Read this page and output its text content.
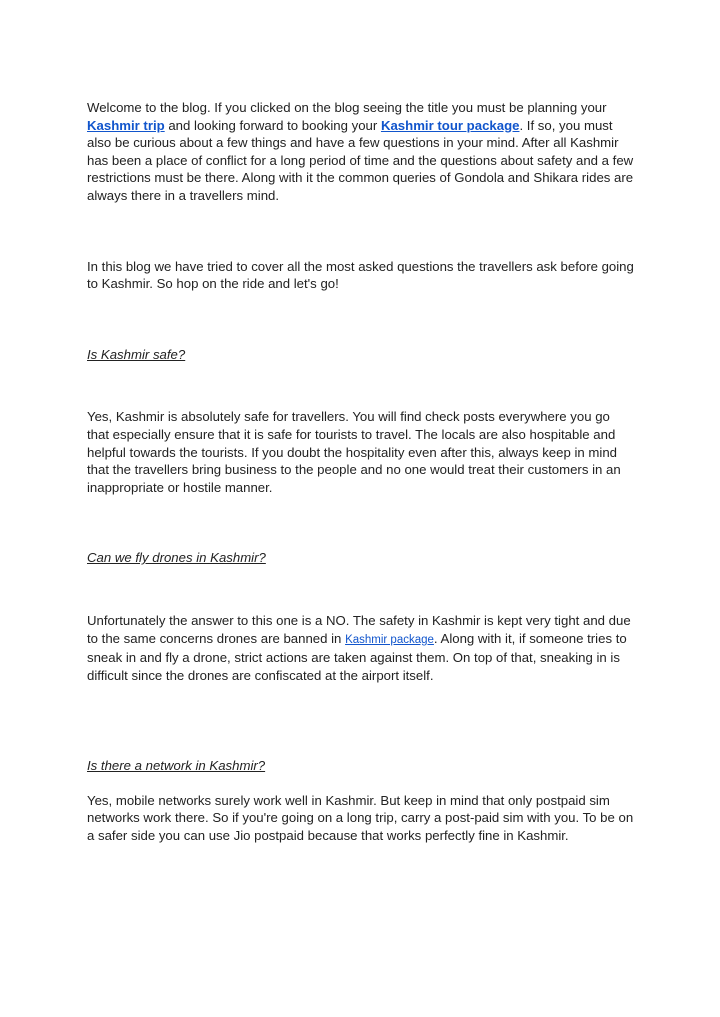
Welcome to the blog. If you clicked on the blog seeing the title you must be planning your Kashmir trip and looking forward to booking your Kashmir tour package. If so, you must also be curious about a few things and have a few questions in your mind. After all Kashmir has been a place of conflict for a long period of time and the questions about safety and a few restrictions must be there. Along with it the common queries of Gondola and Shikara rides are always there in a travellers mind.

In this blog we have tried to cover all the most asked questions the travellers ask before going to Kashmir. So hop on the ride and let's go!

Is Kashmir safe?

Yes, Kashmir is absolutely safe for travellers. You will find check posts everywhere you go that especially ensure that it is safe for tourists to travel. The locals are also hospitable and helpful towards the tourists. If you doubt the hospitality even after this, always keep in mind that the travellers bring business to the people and no one would treat their customers in an inappropriate or hostile manner.

Can we fly drones in Kashmir?

Unfortunately the answer to this one is a NO. The safety in Kashmir is kept very tight and due to the same concerns drones are banned in Kashmir package. Along with it, if someone tries to sneak in and fly a drone, strict actions are taken against them. On top of that, sneaking in is difficult since the drones are confiscated at the airport itself.

Is there a network in Kashmir?

Yes, mobile networks surely work well in Kashmir. But keep in mind that only postpaid sim networks work there. So if you're going on a long trip, carry a post-paid sim with you. To be on a safer side you can use Jio postpaid because that works perfectly fine in Kashmir.
